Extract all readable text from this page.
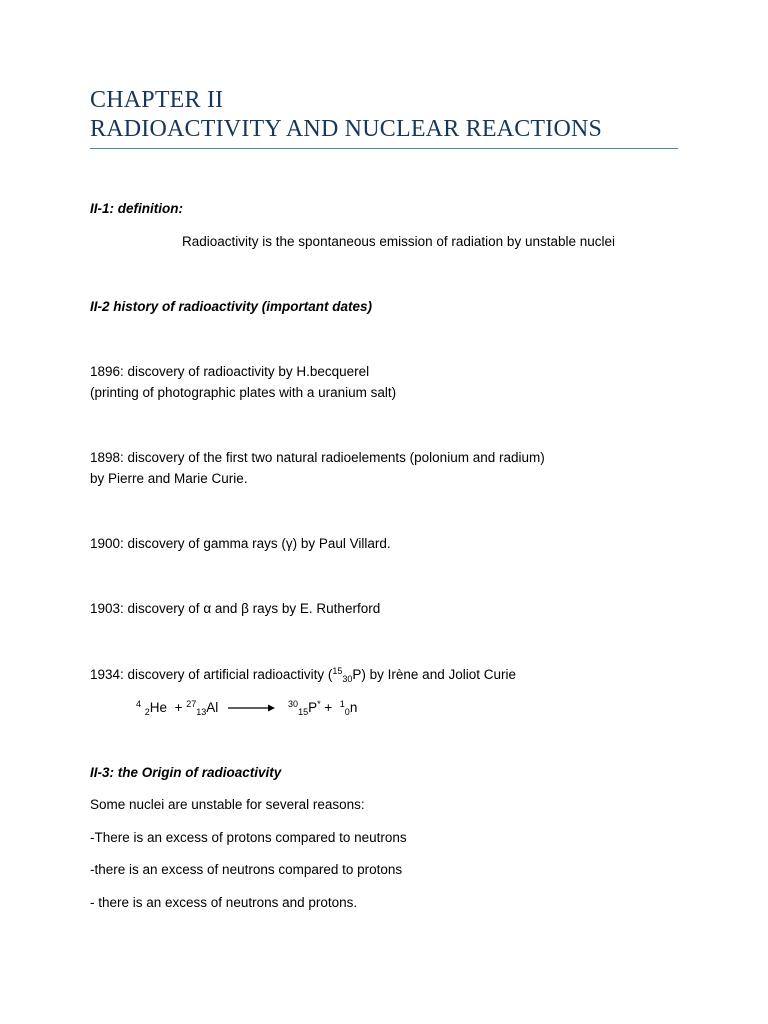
CHAPTER II
RADIOACTIVITY AND NUCLEAR REACTIONS
II-1: definition:
Radioactivity is the spontaneous emission of radiation by unstable nuclei
II-2 history of radioactivity (important dates)
1896: discovery of radioactivity by H.becquerel
(printing of photographic plates with a uranium salt)
1898: discovery of the first two natural radioelements (polonium and radium)
by Pierre and Marie Curie.
1900: discovery of gamma rays (γ) by Paul Villard.
1903: discovery of α and β rays by E. Rutherford
1934: discovery of artificial radioactivity ($^{15}_{30}$P) by Irène and Joliot Curie
$^4$ $_2$He + $^{27}_{13}$Al → $^{30}_{15}$P* + $^1_0$n
II-3: the Origin of radioactivity
Some nuclei are unstable for several reasons:
-There is an excess of protons compared to neutrons
-there is an excess of neutrons compared to protons
- there is an excess of neutrons and protons.
